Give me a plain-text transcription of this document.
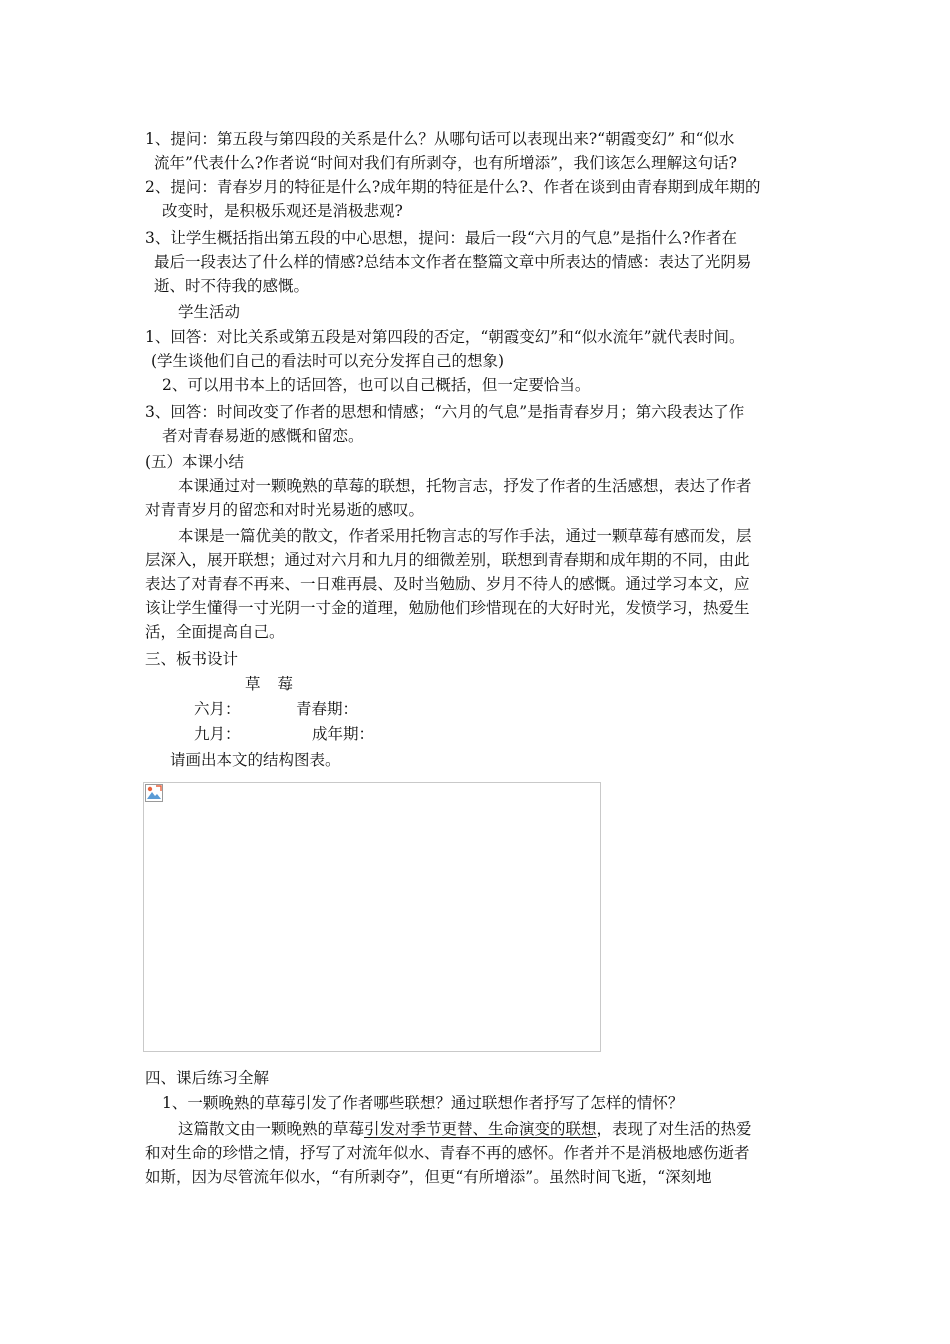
1、提问：第五段与第四段的关系是什么？从哪句话可以表现出来?“朝霞变幻” 和“似水

流年”代表什么?作者说“时间对我们有所剥夺，也有所增添”，我们该怎么理解这句话?

2、提问：青春岁月的特征是什么?成年期的特征是什么?、作者在谈到由青春期到成年期的

改变时，是积极乐观还是消极悲观?

3、让学生概括指出第五段的中心思想，提问：最后一段“六月的气息”是指什么?作者在

最后一段表达了什么样的情感?总结本文作者在整篇文章中所表达的情感：表达了光阴易

逝、时不待我的感慨。

学生活动

1、回答：对比关系或第五段是对第四段的否定，“朝霞变幻”和“似水流年”就代表时间。

(学生谈他们自己的看法时可以充分发挥自己的想象)

2、可以用书本上的话回答，也可以自己概括，但一定要恰当。

3、回答：时间改变了作者的思想和情感；“六月的气息”是指青春岁月；第六段表达了作

者对青春易逝的感慨和留恋。

(五）本课小结

本课通过对一颗晚熟的草莓的联想，托物言志，抒发了作者的生活感想，表达了作者

对青青岁月的留恋和对时光易逝的感叹。

本课是一篇优美的散文，作者采用托物言志的写作手法，通过一颗草莓有感而发，层

层深入，展开联想；通过对六月和九月的细微差别，联想到青春期和成年期的不同，由此

表达了对青春不再来、一日难再晨、及时当勉励、岁月不待人的感慨。通过学习本文，应

该让学生懂得一寸光阴一寸金的道理，勉励他们珍惜现在的大好时光，发愤学习，热爱生

活，全面提高自己。

三、板书设计

草 莓

六月：	青春期：

九月：	成年期：

请画出本文的结构图表。

四、课后练习全解

1、一颗晚熟的草莓引发了作者哪些联想？通过联想作者抒写了怎样的情怀？

这篇散文由一颗晚熟的草莓引发对季节更替、生命演变的联想，表现了对生活的热爱

和对生命的珍惜之情，抒写了对流年似水、青春不再的感怀。作者并不是消极地感伤逝者

如斯，因为尽管流年似水，“有所剥夺”，但更“有所增添”。虽然时间飞逝，“深刻地
